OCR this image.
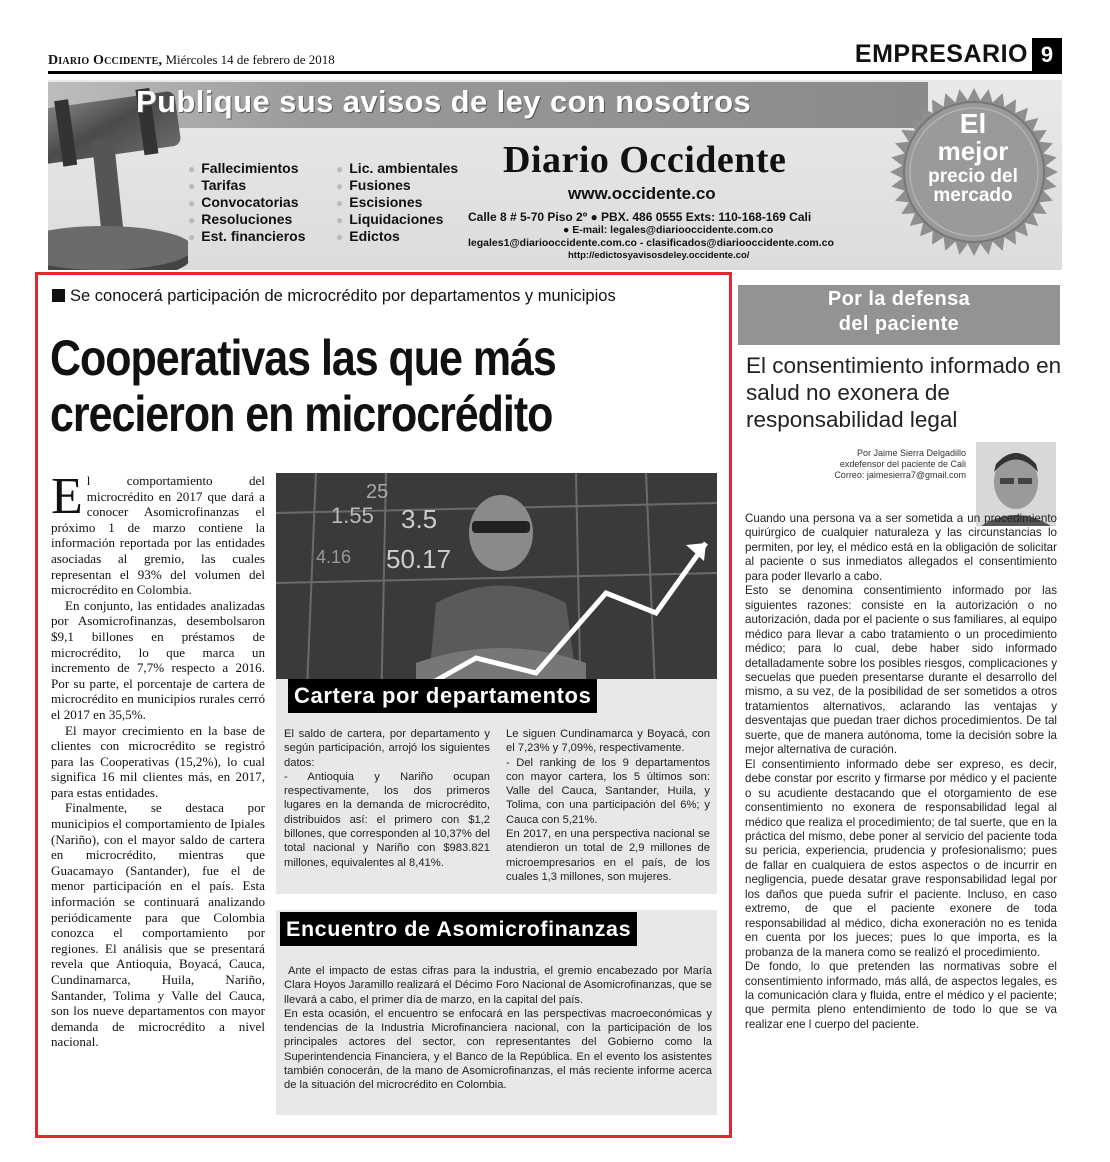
Diario Occidente, Miércoles 14 de febrero de 2018	EMPRESARIO 9
Publique sus avisos de ley con nosotros
● Fallecimientos
● Tarifas
● Convocatorias
● Resoluciones
● Est. financieros
● Lic. ambientales
● Fusiones
● Escisiones
● Liquidaciones
● Edictos
Diario Occidente
www.occidente.co
Calle 8 # 5-70 Piso 2º ● PBX. 486 0555 Exts: 110-168-169 Cali
● E-mail: legales@diariooccidente.com.co
legales1@diariooccidente.com.co - clasificados@diariooccidente.com.co
http://edictosyavisosdeley.occidente.co/
El
mejor
precio del
mercado
Se conocerá participación de microcrédito por departamentos y municipios
Cooperativas las que más crecieron en microcrédito

El comportamiento del microcrédito en 2017 que dará a conocer Asomicrofinanzas el próximo 1 de marzo contiene la información reportada por las entidades asociadas al gremio, las cuales representan el 93% del volumen del microcrédito en Colombia.

En conjunto, las entidades analizadas por Asomicrofinanzas, desembolsaron $9,1 billones en préstamos de microcrédito, lo que marca un incremento de 7,7% respecto a 2016. Por su parte, el porcentaje de cartera de microcrédito en municipios rurales cerró el 2017 en 35,5%.

El mayor crecimiento en la base de clientes con microcrédito se registró para las Cooperativas (15,2%), lo cual significa 16 mil clientes más, en 2017, para estas entidades.

Finalmente, se destaca por municipios el comportamiento de Ipiales (Nariño), con el mayor saldo de cartera en microcrédito, mientras que Guacamayo (Santander), fue el de menor participación en el país. Esta información se continuará analizando periódicamente para que Colombia conozca el comportamiento por regiones. El análisis que se presentará revela que Antioquia, Boyacá, Cauca, Cundinamarca, Huila, Nariño, Santander, Tolima y Valle del Cauca, son los nueve departamentos con mayor demanda de microcrédito a nivel nacional.

1.55 3.5
50.17
4.16
25
Cartera por departamentos

El saldo de cartera, por departamento y según participación, arrojó los siguientes datos:

- Antioquia y Nariño ocupan respectivamente, los dos primeros lugares en la demanda de microcrédito, distribuidos así: el primero con $1,2 billones, que corresponden al 10,37% del total nacional y Nariño con $983.821 millones, equivalentes al 8,41%.

Le siguen Cundinamarca y Boyacá, con el 7,23% y 7,09%, respectivamente.

- Del ranking de los 9 departamentos con mayor cartera, los 5 últimos son: Valle del Cauca, Santander, Huila, y Tolima, con una participación del 6%; y Cauca con 5,21%.

En 2017, en una perspectiva nacional se atendieron un total de 2,9 millones de microempresarios en el país, de los cuales 1,3 millones, son mujeres.

Encuentro de Asomicrofinanzas

Ante el impacto de estas cifras para la industria, el gremio encabezado por María Clara Hoyos Jaramillo realizará el Décimo Foro Nacional de Asomicrofinanzas, que se llevará a cabo, el primer día de marzo, en la capital del país.

En esta ocasión, el encuentro se enfocará en las perspectivas macroeconómicas y tendencias de la Industria Microfinanciera nacional, con la participación de los principales actores del sector, con representantes del Gobierno como la Superintendencia Financiera, y el Banco de la República. En el evento los asistentes también conocerán, de la mano de Asomicrofinanzas, el más reciente informe acerca de la situación del microcrédito en Colombia.

Por la defensa
del paciente
El consentimiento informado en salud no exonera de responsabilidad legal
Por Jaime Sierra Delgadillo
exdefensor del paciente de Cali
Correo: jaimesierra7@gmail.com

Cuando una persona va a ser sometida a un procedimiento quirúrgico de cualquier naturaleza y las circunstancias lo permiten, por ley, el médico está en la obligación de solicitar al paciente o sus inmediatos allegados el consentimiento para poder llevarlo a cabo.

Esto se denomina consentimiento informado por las siguientes razones: consiste en la autorización o no autorización, dada por el paciente o sus familiares, al equipo médico para llevar a cabo tratamiento o un procedimiento médico; para lo cual, debe haber sido informado detalladamente sobre los posibles riesgos, complicaciones y secuelas que pueden presentarse durante el desarrollo del mismo, a su vez, de la posibilidad de ser sometidos a otros tratamientos alternativos, aclarando las ventajas y desventajas que puedan traer dichos procedimientos. De tal suerte, que de manera autónoma, tome la decisión sobre la mejor alternativa de curación.

El consentimiento informado debe ser expreso, es decir, debe constar por escrito y firmarse por médico y el paciente o su acudiente destacando que el otorgamiento de ese consentimiento no exonera de responsabilidad legal al médico que realiza el procedimiento; de tal suerte, que en la práctica del mismo, debe poner al servicio del paciente toda su pericia, experiencia, prudencia y profesionalismo; pues de fallar en cualquiera de estos aspectos o de incurrir en negligencia, puede desatar grave responsabilidad legal por los daños que pueda sufrir el paciente. Incluso, en caso extremo, de que el paciente exonere de toda responsabilidad al médico, dicha exoneración no es tenida en cuenta por los jueces; pues lo que importa, es la probanza de la manera como se realizó el procedimiento.

De fondo, lo que pretenden las normativas sobre el consentimiento informado, más allá, de aspectos legales, es la comunicación clara y fluida, entre el médico y el paciente; que permita pleno entendimiento de todo lo que se va realizar ene l cuerpo del paciente.
